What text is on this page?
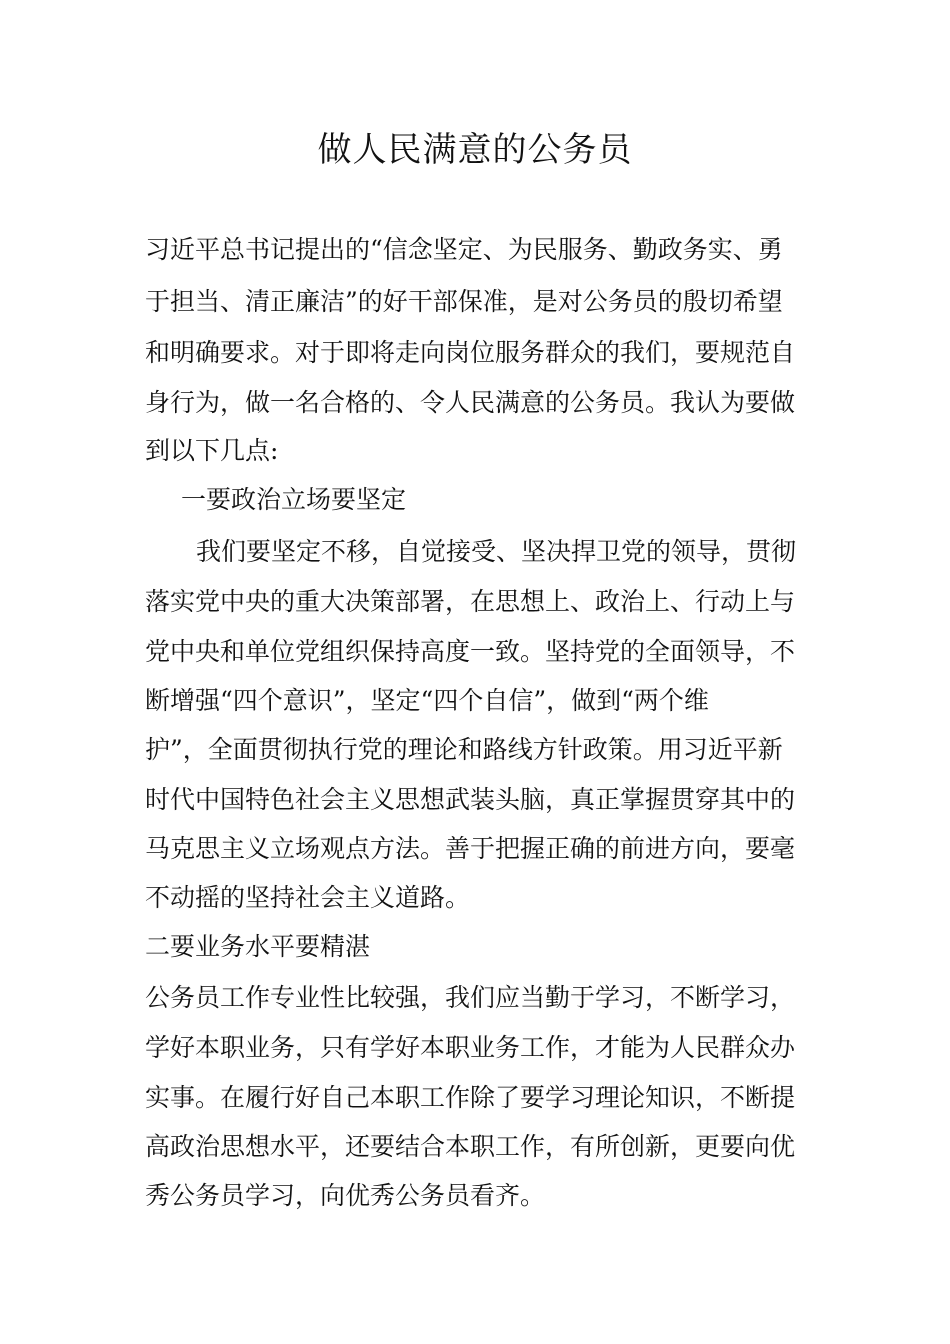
做人民满意的公务员

习近平总书记提出的“信念坚定、为民服务、勤政务实、勇

于担当、清正廉洁”的好干部保准，是对公务员的殷切希望

和明确要求。对于即将走向岗位服务群众的我们，要规范自

身行为，做一名合格的、令人民满意的公务员。我认为要做

到以下几点:

一要政治立场要坚定

我们要坚定不移，自觉接受、坚决捍卫党的领导，贯彻

落实党中央的重大决策部署，在思想上、政治上、行动上与

党中央和单位党组织保持高度一致。坚持党的全面领导，不

断增强“四个意识”，坚定“四个自信”，做到“两个维

护”，全面贯彻执行党的理论和路线方针政策。用习近平新

时代中国特色社会主义思想武装头脑，真正掌握贯穿其中的

马克思主义立场观点方法。善于把握正确的前进方向，要毫

不动摇的坚持社会主义道路。

二要业务水平要精湛

公务员工作专业性比较强，我们应当勤于学习，不断学习，

学好本职业务，只有学好本职业务工作，才能为人民群众办

实事。在履行好自己本职工作除了要学习理论知识，不断提

高政治思想水平，还要结合本职工作，有所创新，更要向优

秀公务员学习，向优秀公务员看齐。
